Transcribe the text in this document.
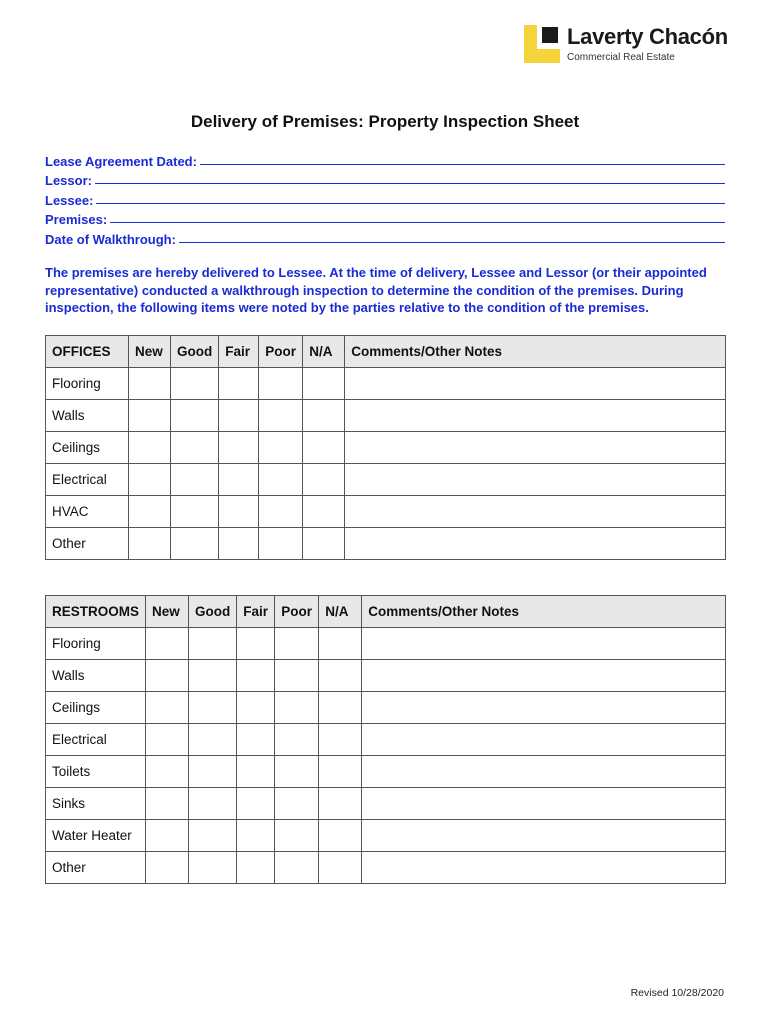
Laverty Chacón
Commercial Real Estate
Delivery of Premises: Property Inspection Sheet
Lease Agreement Dated:
Lessor:
Lessee:
Premises:
Date of Walkthrough:
The premises are hereby delivered to Lessee. At the time of delivery, Lessee and Lessor (or their appointed representative) conducted a walkthrough inspection to determine the condition of the premises. During inspection, the following items were noted by the parties relative to the condition of the premises.
OFFICES	New	Good	Fair	Poor	N/A	Comments/Other Notes
Flooring						
Walls						
Ceilings						
Electrical						
HVAC						
Other						
RESTROOMS	New	Good	Fair	Poor	N/A	Comments/Other Notes
Flooring						
Walls						
Ceilings						
Electrical						
Toilets						
Sinks						
Water Heater						
Other						
Revised 10/28/2020
